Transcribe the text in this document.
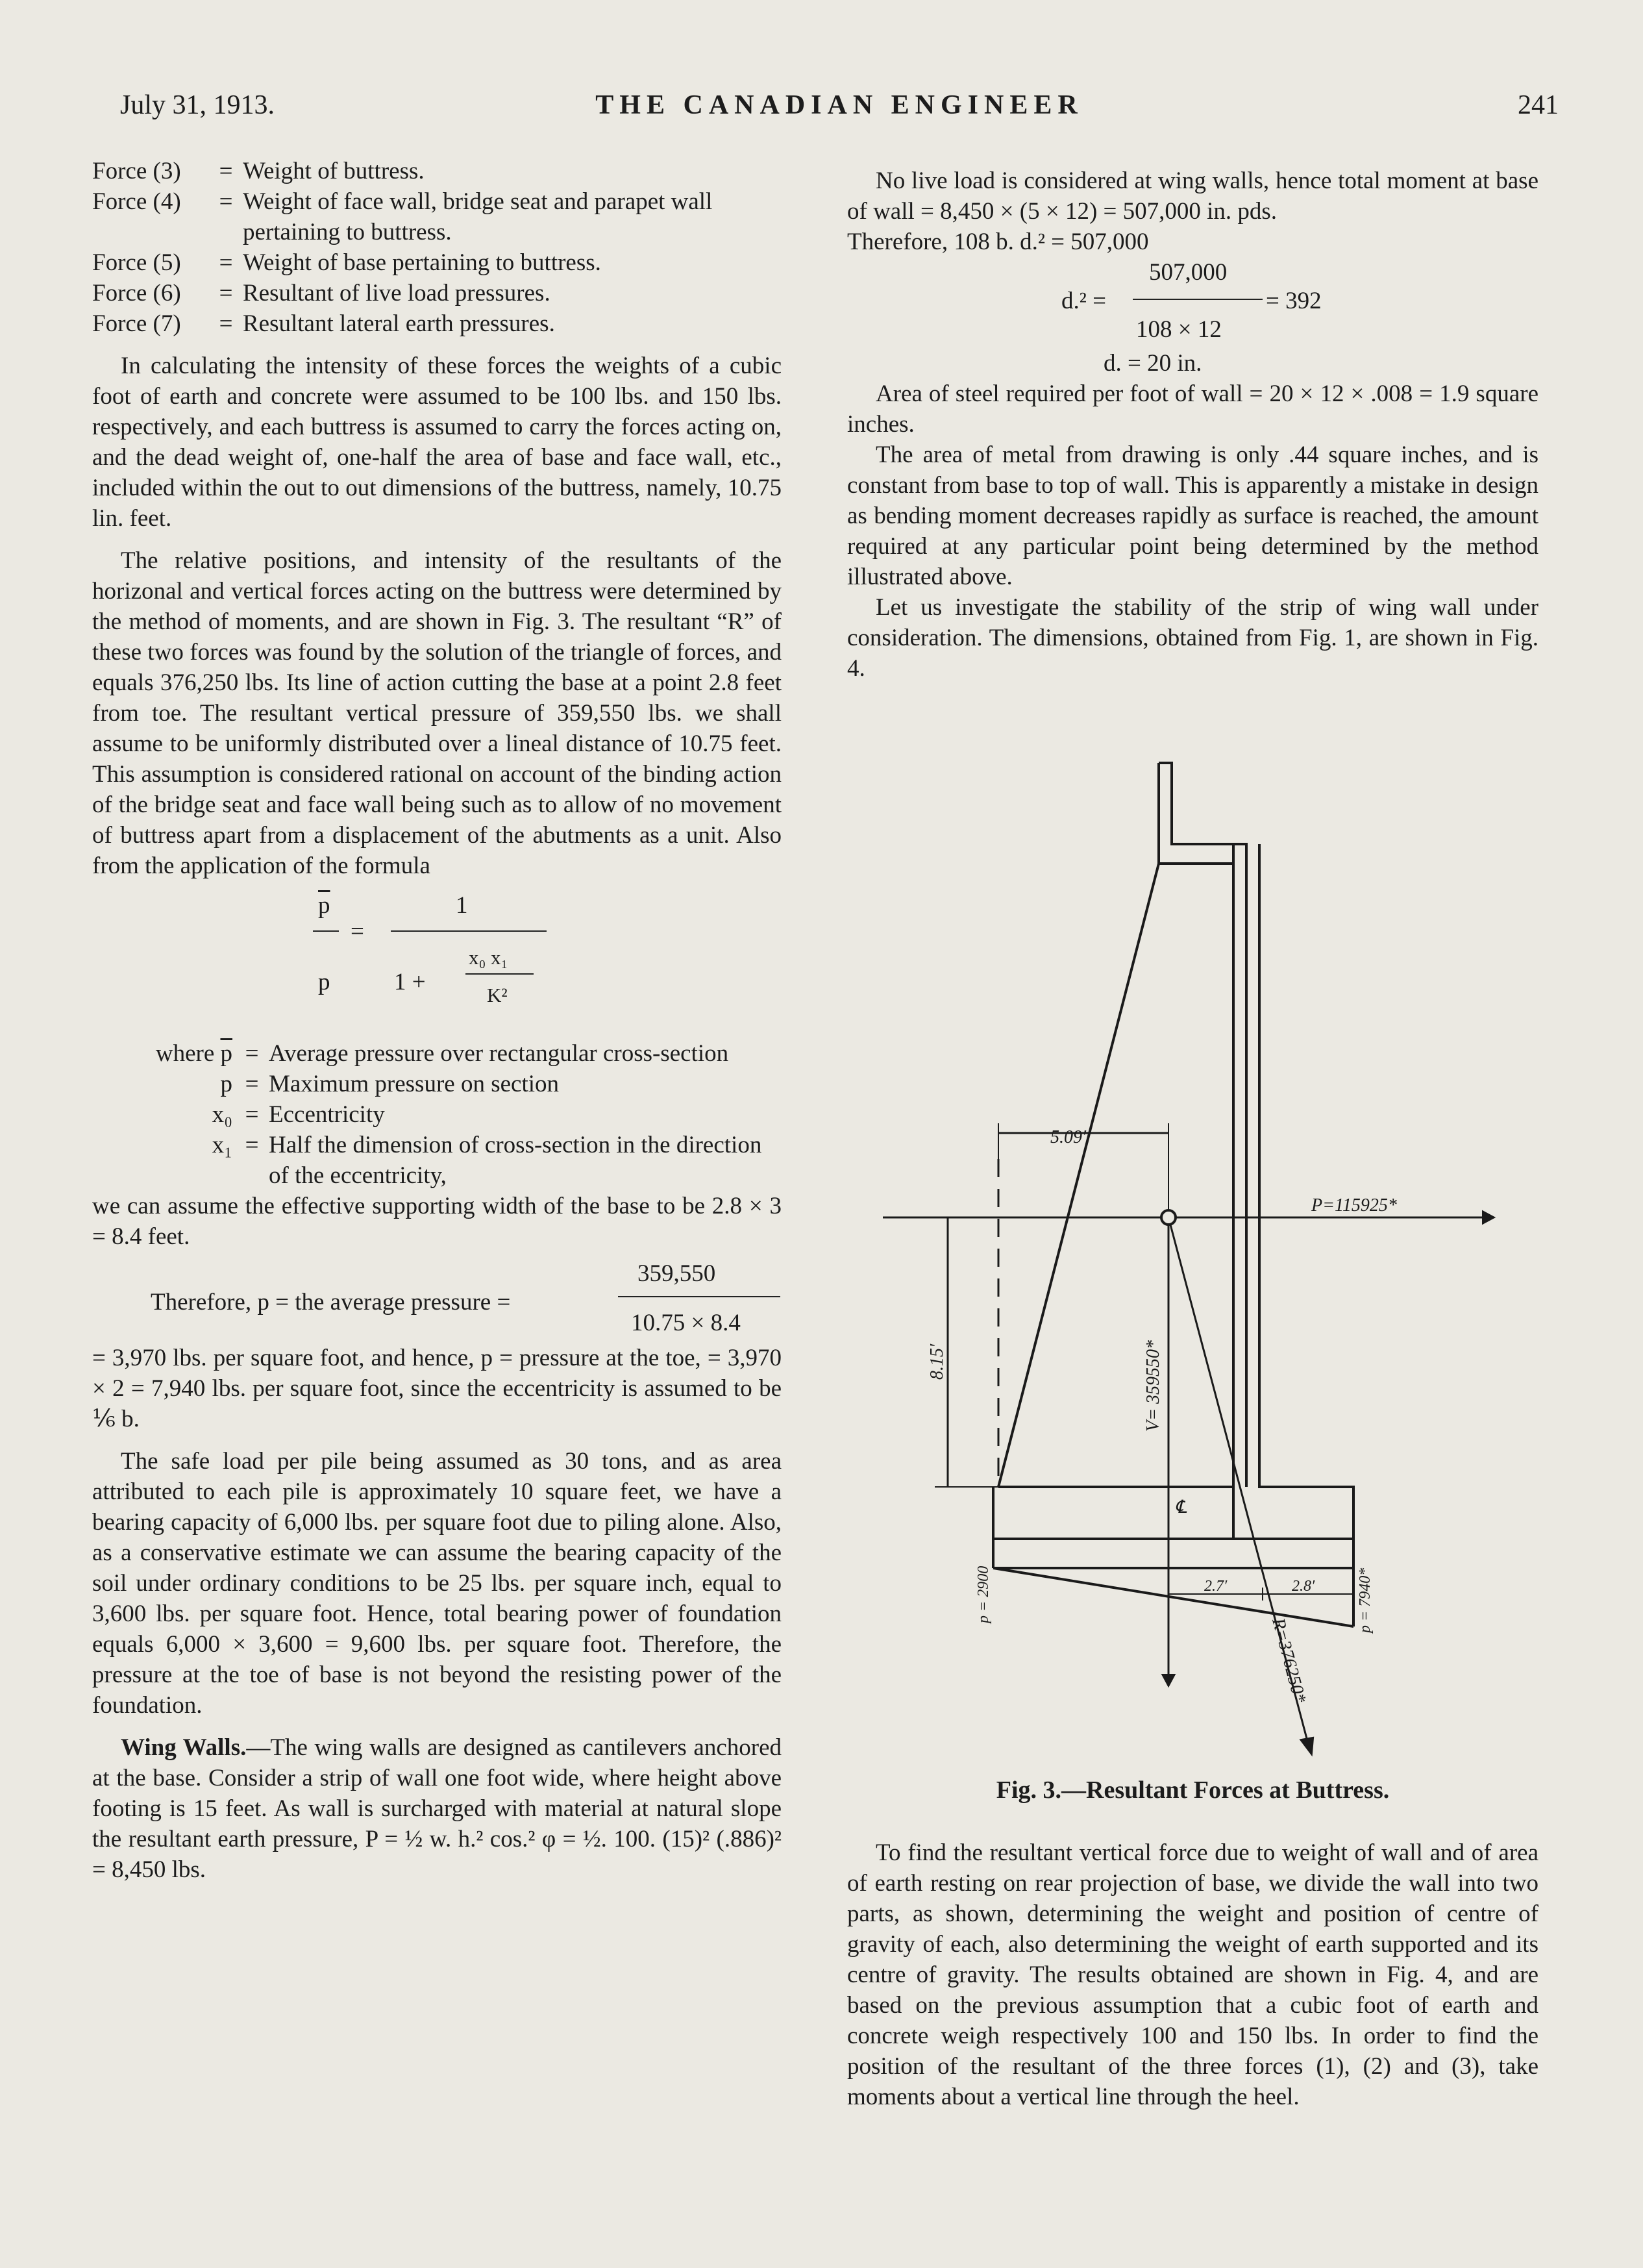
July 31, 1913.	THE CANADIAN ENGINEER	241
Force (3)	= Weight of buttress.
Force (4)	= Weight of face wall, bridge seat and parapet wall pertaining to buttress.
Force (5)	= Weight of base pertaining to buttress.
Force (6)	= Resultant of live load pressures.
Force (7)	= Resultant lateral earth pressures.

In calculating the intensity of these forces the weights of a cubic foot of earth and concrete were assumed to be 100 lbs. and 150 lbs. respectively, and each buttress is assumed to carry the forces acting on, and the dead weight of, one-half the area of base and face wall, etc., included within the out to out dimensions of the buttress, namely, 10.75 lin. feet.

The relative positions, and intensity of the resultants of the horizonal and vertical forces acting on the buttress were determined by the method of moments, and are shown in Fig. 3. The resultant “R” of these two forces was found by the solution of the triangle of forces, and equals 376,250 lbs. Its line of action cutting the base at a point 2.8 feet from toe. The resultant vertical pressure of 359,550 lbs. we shall assume to be uniformly distributed over a lineal distance of 10.75 feet. This assumption is considered rational on account of the binding action of the bridge seat and face wall being such as to allow of no movement of buttress apart from a displacement of the abutments as a unit. Also from the application of the formula

$\overline{p}$
=
p
1
1 +
x₀ x₁
K²
where $\overline{p}$ = Average pressure over rectangular cross-section
p = Maximum pressure on section
x₀ = Eccentricity
x₁ = Half the dimension of cross-section in the direction of the eccentricity,

we can assume the effective supporting width of the base to be 2.8 × 3 = 8.4 feet.

Therefore, p = the average pressure =
359,550
10.75 × 8.4

= 3,970 lbs. per square foot, and hence, p = pressure at the toe, = 3,970 × 2 = 7,940 lbs. per square foot, since the eccentricity is assumed to be ⅙ b.

The safe load per pile being assumed as 30 tons, and as area attributed to each pile is approximately 10 square feet, we have a bearing capacity of 6,000 lbs. per square foot due to piling alone. Also, as a conservative estimate we can assume the bearing capacity of the soil under ordinary conditions to be 25 lbs. per square inch, equal to 3,600 lbs. per square foot. Hence, total bearing power of foundation equals 6,000 × 3,600 = 9,600 lbs. per square foot. Therefore, the pressure at the toe of base is not beyond the resisting power of the foundation.

Wing Walls.—The wing walls are designed as cantilevers anchored at the base. Consider a strip of wall one foot wide, where height above footing is 15 feet. As wall is surcharged with material at natural slope the resultant earth pressure, P = ½ w. h.² cos.² φ = ½. 100. (15)² (.886)² = 8,450 lbs.

No live load is considered at wing walls, hence total moment at base of wall = 8,450 × (5 × 12) = 507,000 in. pds.

Therefore, 108 b. d.² = 507,000
d.² =
507,000
= 392
108 × 12
d. = 20 in.

Area of steel required per foot of wall = 20 × 12 × .008 = 1.9 square inches.

The area of metal from drawing is only .44 square inches, and is constant from base to top of wall. This is apparently a mistake in design as bending moment decreases rapidly as surface is reached, the amount required at any particular point being determined by the method illustrated above.

Let us investigate the stability of the strip of wing wall under consideration. The dimensions, obtained from Fig. 1, are shown in Fig. 4.

5.09′
P=115925*
8.15′	V= 359550*
℄
2.7′	2.8′
p = 2900	p = 7940*
R=376250*
Fig. 3.—Resultant Forces at Buttress.

To find the resultant vertical force due to weight of wall and of area of earth resting on rear projection of base, we divide the wall into two parts, as shown, determining the weight and position of centre of gravity of each, also determining the weight of earth supported and its centre of gravity. The results obtained are shown in Fig. 4, and are based on the previous assumption that a cubic foot of earth and concrete weigh respectively 100 and 150 lbs. In order to find the position of the resultant of the three forces (1), (2) and (3), take moments about a vertical line through the heel.
